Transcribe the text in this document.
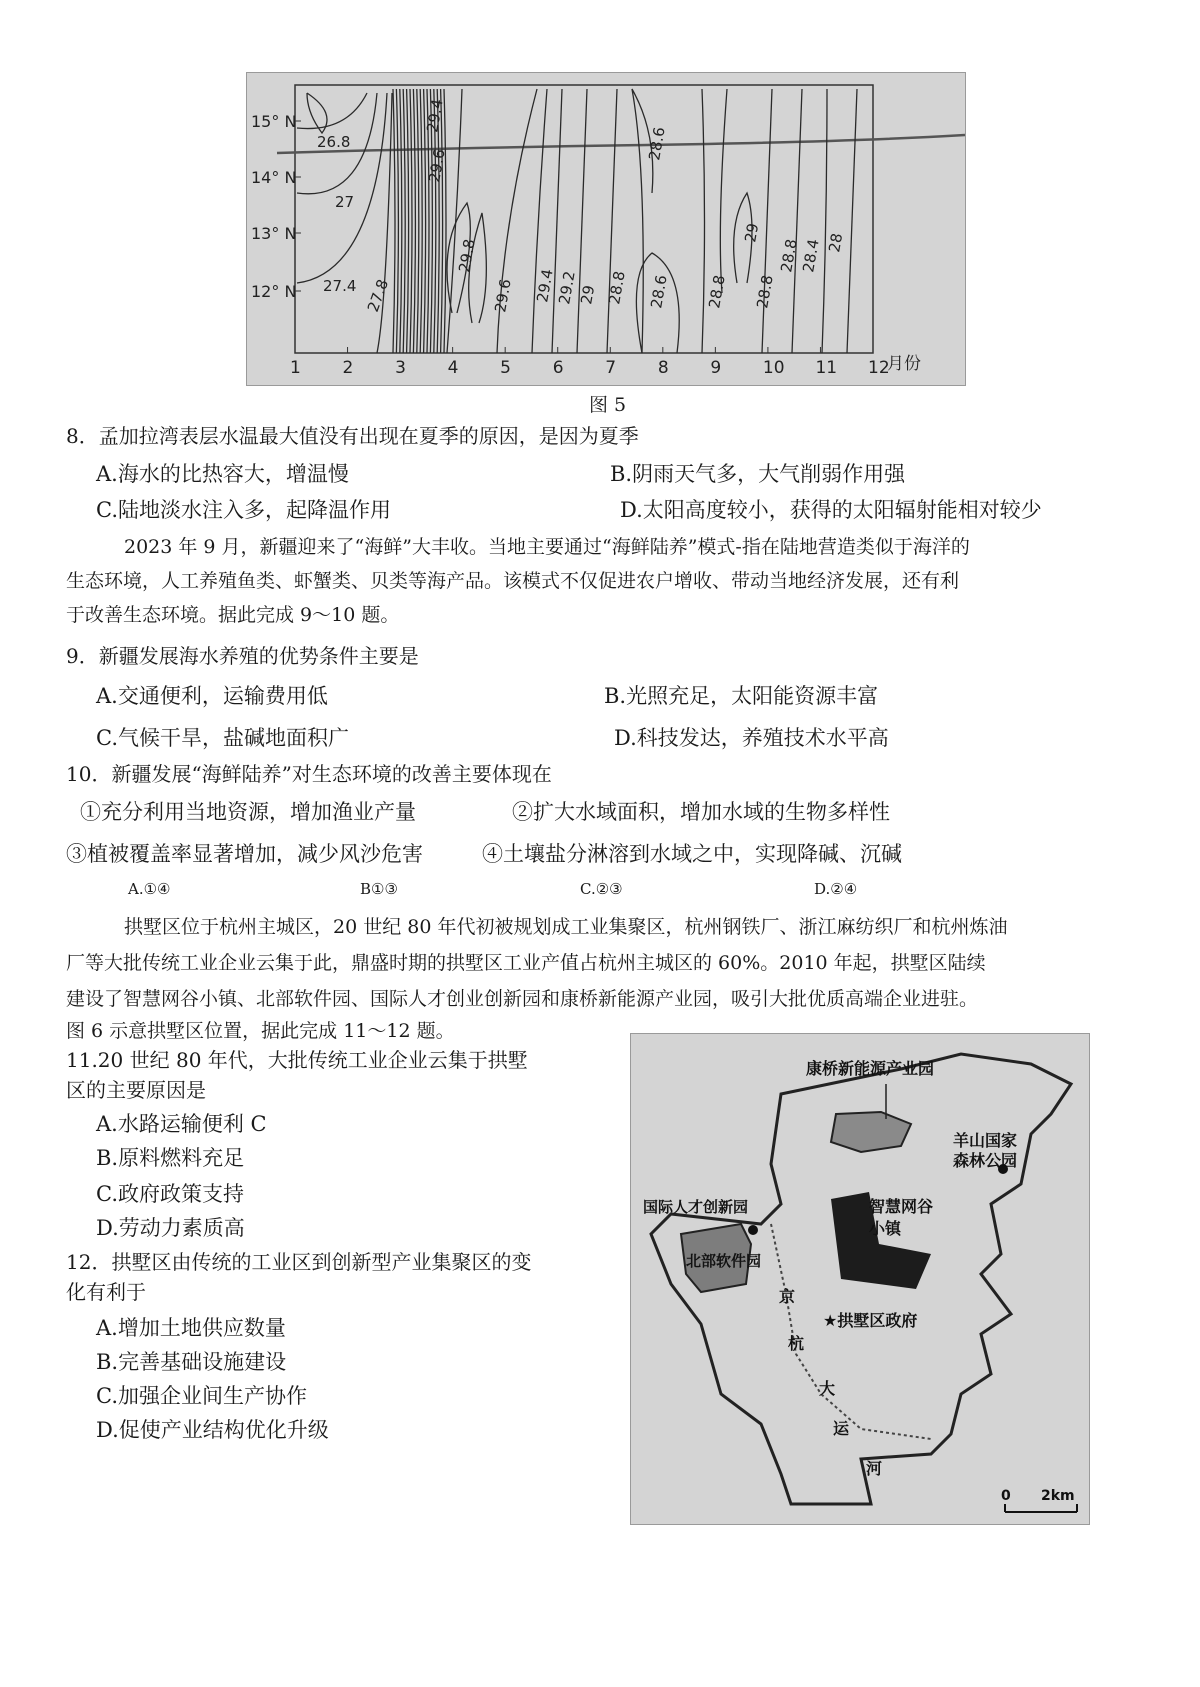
1 2 3 4 5 6 7 8 9 10 11 12
12° N
13° N
14° N
15° N
26.8
27
27.4 27.8
29.4
29.6
29.8
29.6 29.4
29.2
29 28.8
28.6
28.6 28.8 28.8
29
28.8
28.4 28
月份
图 5
8．孟加拉湾表层水温最大值没有出现在夏季的原因，是因为夏季
A.海水的比热容大，增温慢	B.阴雨天气多，大气削弱作用强
C.陆地淡水注入多，起降温作用	D.太阳高度较小，获得的太阳辐射能相对较少
2023 年 9 月，新疆迎来了“海鲜”大丰收。当地主要通过“海鲜陆养”模式-指在陆地营造类似于海洋的
生态环境，人工养殖鱼类、虾蟹类、贝类等海产品。该模式不仅促进农户增收、带动当地经济发展，还有利
于改善生态环境。据此完成 9～10 题。
9．新疆发展海水养殖的优势条件主要是
A.交通便利，运输费用低	B.光照充足，太阳能资源丰富
C.气候干旱，盐碱地面积广	D.科技发达，养殖技术水平高
10．新疆发展“海鲜陆养”对生态环境的改善主要体现在
①充分利用当地资源，增加渔业产量	②扩大水域面积，增加水域的生物多样性
③植被覆盖率显著增加，减少风沙危害	④土壤盐分淋溶到水域之中，实现降碱、沉碱
A.①④	B①③	C.②③	D.②④
拱墅区位于杭州主城区，20 世纪 80 年代初被规划成工业集聚区，杭州钢铁厂、浙江麻纺织厂和杭州炼油
厂等大批传统工业企业云集于此，鼎盛时期的拱墅区工业产值占杭州主城区的 60%。2010 年起，拱墅区陆续
建设了智慧网谷小镇、北部软件园、国际人才创业创新园和康桥新能源产业园，吸引大批优质高端企业进驻。
图 6 示意拱墅区位置，据此完成 11～12 题。
11.20 世纪 80 年代，大批传统工业企业云集于拱墅
区的主要原因是
A.水路运输便利 C
B.原料燃料充足
C.政府政策支持
D.劳动力素质高
12．拱墅区由传统的工业区到创新型产业集聚区的变
化有利于
A.增加土地供应数量
B.完善基础设施建设
C.加强企业间生产协作
D.促使产业结构优化升级
康桥新能源产业园
羊山国家
森林公园
国际人才创新园	智慧网谷
小镇
北部软件园
★拱墅区政府
京
杭
大
运
河
0 2km
